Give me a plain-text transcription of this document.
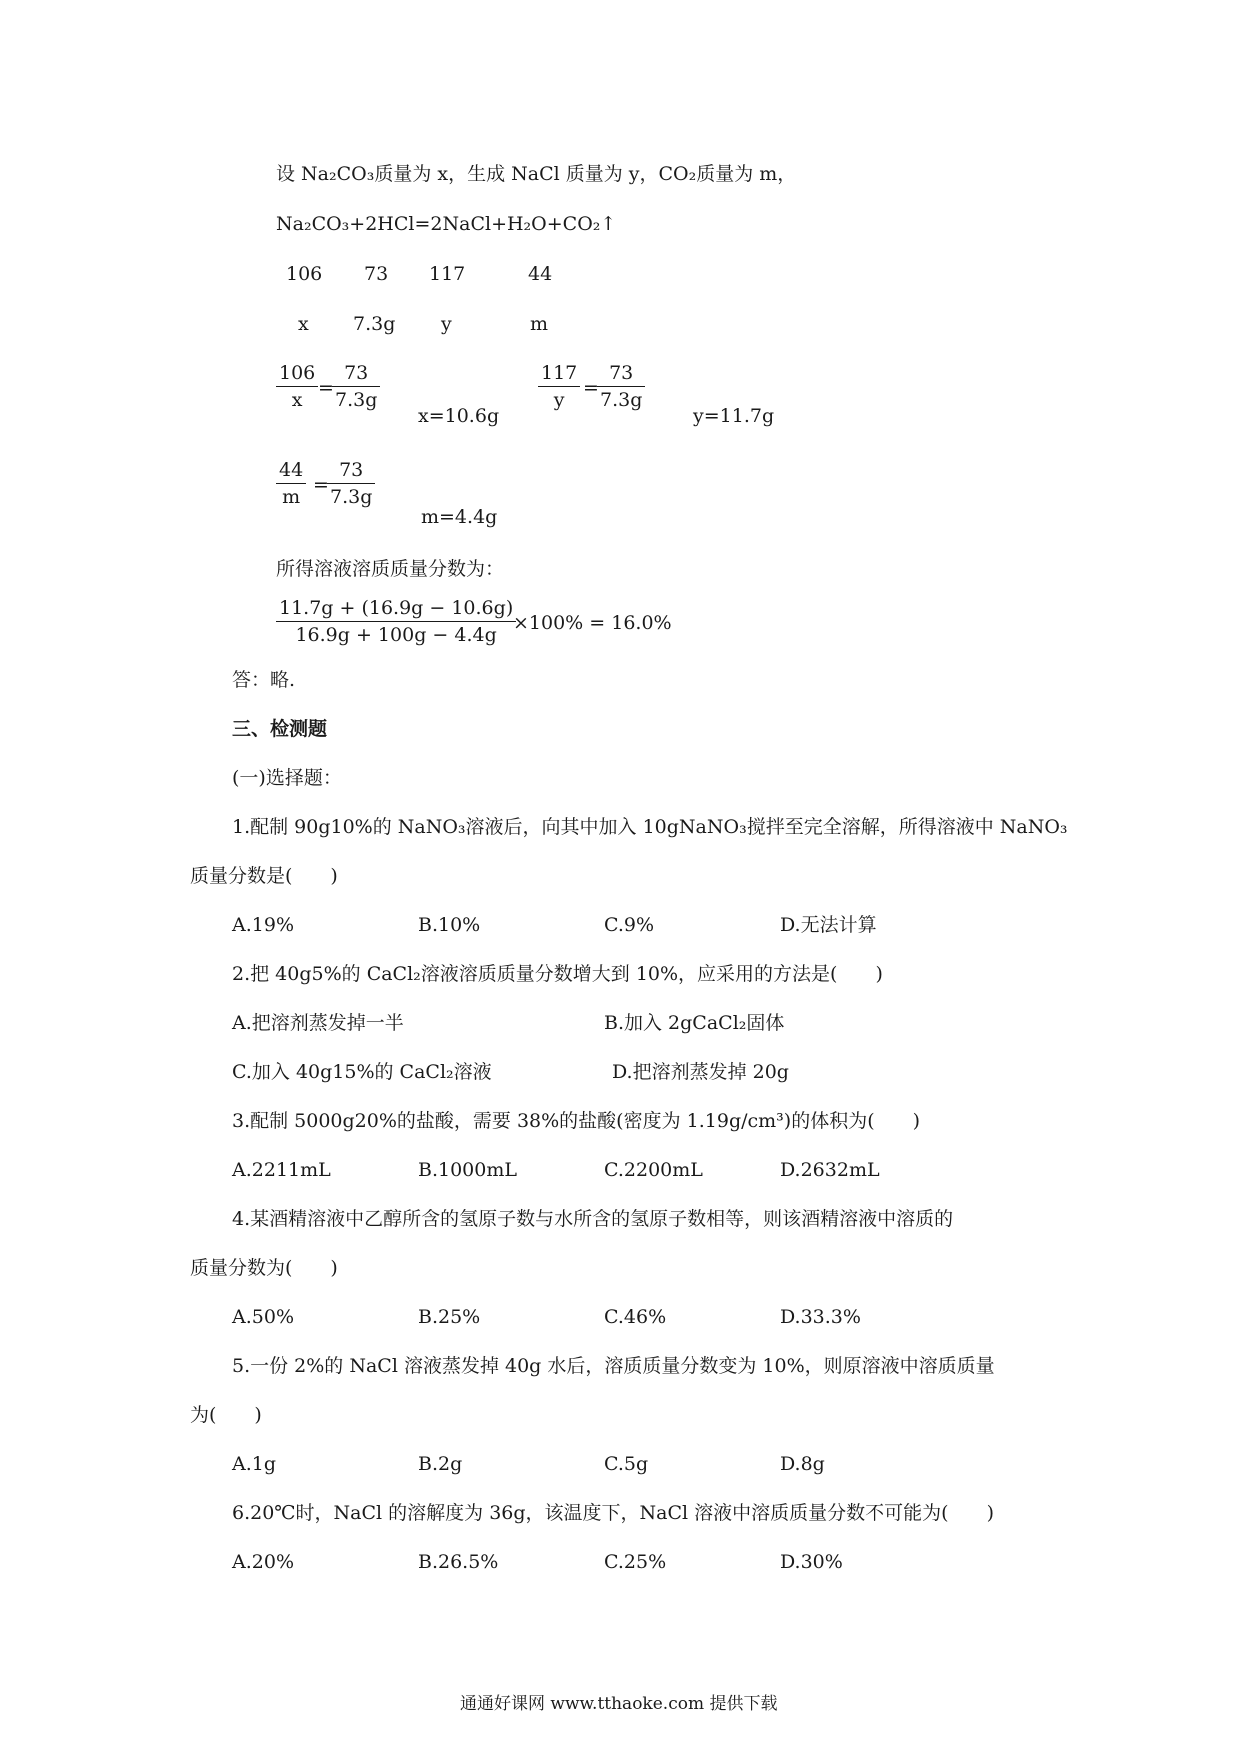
设 Na₂CO₃质量为 x，生成 NaCl 质量为 y，CO₂质量为 m，
Na₂CO₃+2HCl=2NaCl+H₂O+CO₂↑
106 73 117	44
x 7.3g y	m
$\frac{106}{x}$ =
$\frac{73}{7.3g}$
x=10.6g
$\frac{117}{y}$ =
$\frac{73}{7.3g}$
y=11.7g
$\frac{44}{m}$ =
$\frac{73}{7.3g}$
m=4.4g
所得溶液溶质质量分数为：
$\frac{11.7g + (16.9g - 10.6g)}{16.9g + 100g - 4.4g}$
×100% = 16.0%
答：略.
三、检测题
(一)选择题：
1.配制 90g10%的 NaNO₃溶液后，向其中加入 10gNaNO₃搅拌至完全溶解，所得溶液中 NaNO₃
质量分数是(　　)
A.19%	B.10%	C.9%	D.无法计算
2.把 40g5%的 CaCl₂溶液溶质质量分数增大到 10%，应采用的方法是(　　)
A.把溶剂蒸发掉一半	B.加入 2gCaCl₂固体
C.加入 40g15%的 CaCl₂溶液	D.把溶剂蒸发掉 20g
3.配制 5000g20%的盐酸，需要 38%的盐酸(密度为 1.19g/cm³)的体积为(　　)
A.2211mL	B.1000mL	C.2200mL	D.2632mL
4.某酒精溶液中乙醇所含的氢原子数与水所含的氢原子数相等，则该酒精溶液中溶质的
质量分数为(　　)
A.50%	B.25%	C.46%	D.33.3%
5.一份 2%的 NaCl 溶液蒸发掉 40g 水后，溶质质量分数变为 10%，则原溶液中溶质质量
为(　　)
A.1g	B.2g	C.5g	D.8g
6.20℃时，NaCl 的溶解度为 36g，该温度下，NaCl 溶液中溶质质量分数不可能为(　　)
A.20%	B.26.5%	C.25%	D.30%
通通好课网 www.tthaoke.com 提供下载
